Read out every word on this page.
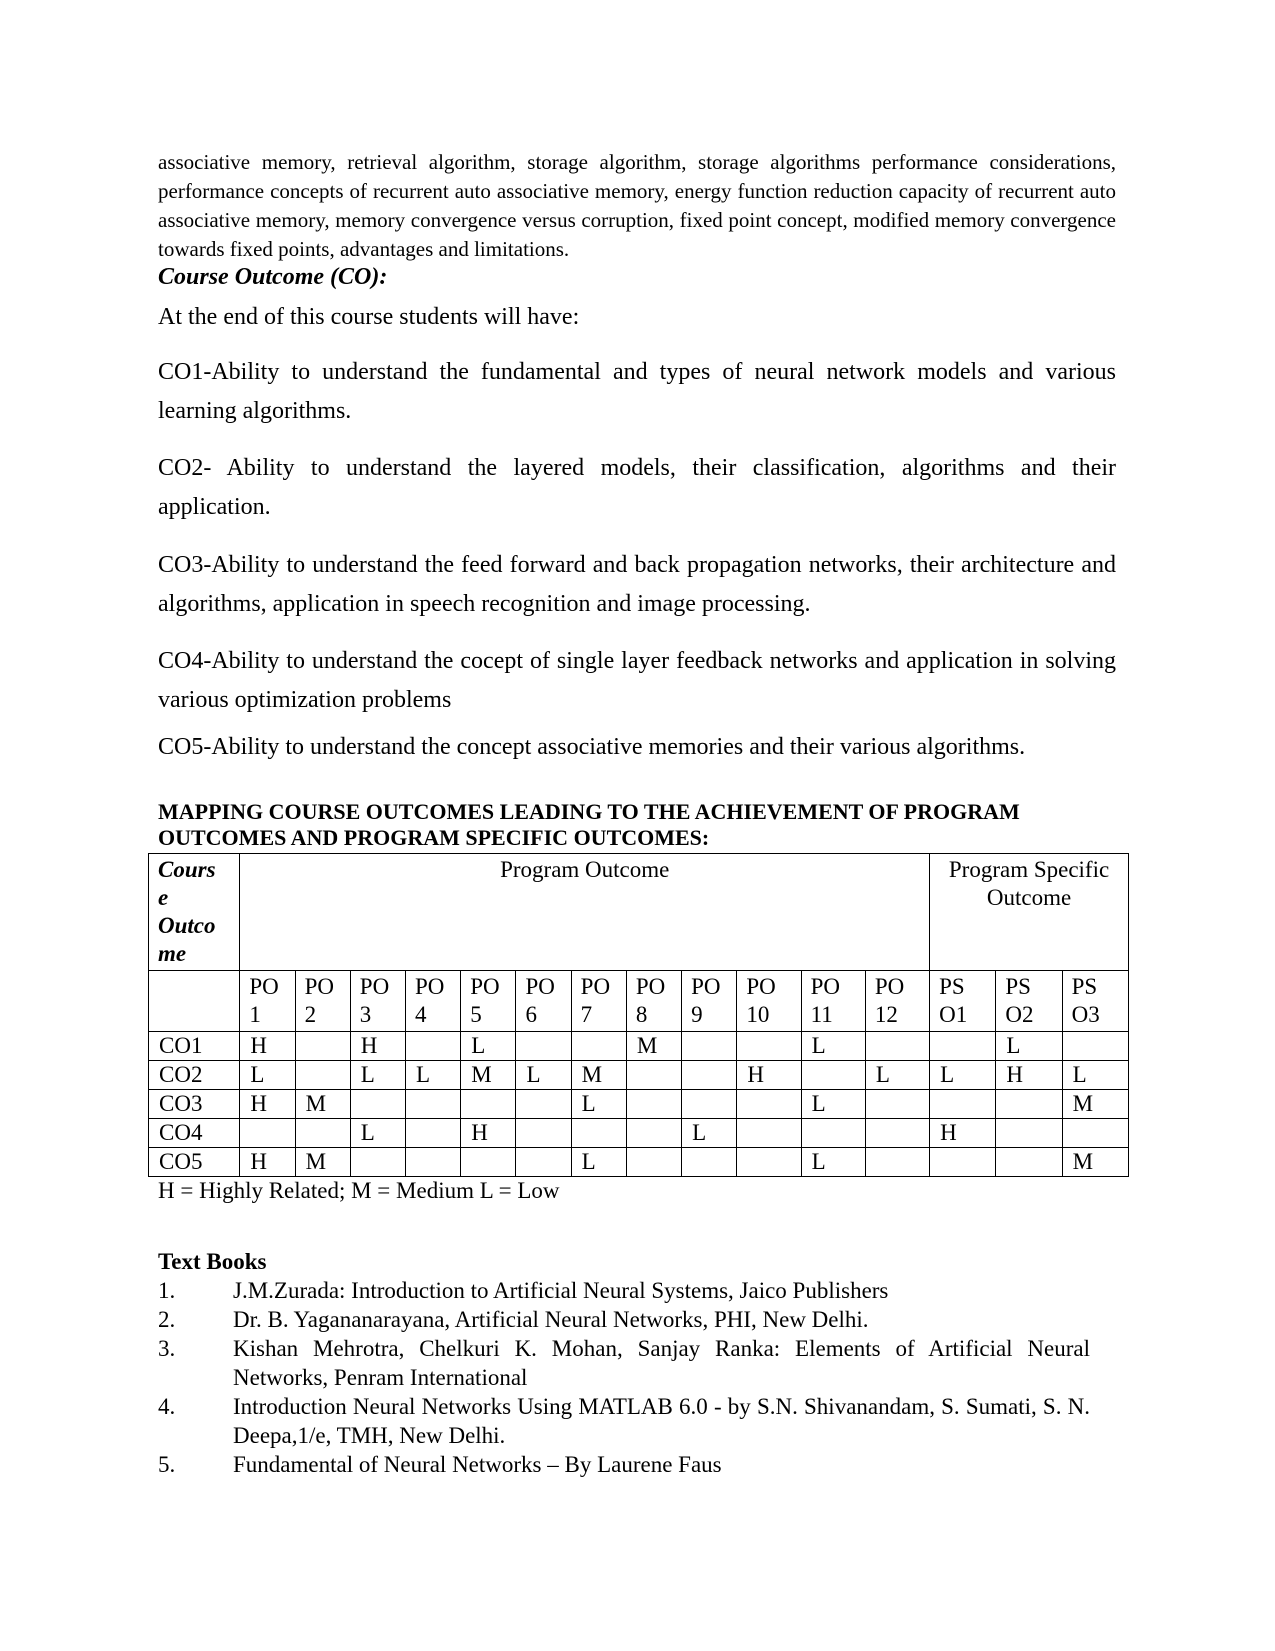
associative memory, retrieval algorithm, storage algorithm, storage algorithms performance considerations, performance concepts of recurrent auto associative memory, energy function reduction capacity of recurrent auto associative memory, memory convergence versus corruption, fixed point concept, modified memory convergence towards fixed points, advantages and limitations.

Course Outcome (CO):
At the end of this course students will have:

CO1-Ability to understand the fundamental and types of neural network models and various learning algorithms.

CO2- Ability to understand the layered models, their classification, algorithms and their application.

CO3-Ability to understand the feed forward and back propagation networks, their architecture and algorithms, application in speech recognition and image processing.

CO4-Ability to understand the cocept of single layer feedback networks and application in solving various optimization problems

CO5-Ability to understand the concept associative memories and their various algorithms.

MAPPING COURSE OUTCOMES LEADING TO THE ACHIEVEMENT OF PROGRAM OUTCOMES AND PROGRAM SPECIFIC OUTCOMES:

Cours e Outco me	Program Outcome												Program Specific Outcome		
	PO 1	PO 2	PO 3	PO 4	PO 5	PO 6	PO 7	PO 8	PO 9	PO 10	PO 11	PO 12	PS O1	PS O2	PS O3
CO1	H		H		L			M			L			L	
CO2	L		L	L	M	L	M			H		L	L	H	L
CO3	H	M					L				L				M
CO4			L		H				L				H		
CO5	H	M					L				L				M
H = Highly Related; M = Medium L = Low
Text Books
1.	J.M.Zurada: Introduction to Artificial Neural Systems, Jaico Publishers
2.	Dr. B. Yagananarayana, Artificial Neural Networks, PHI, New Delhi.
3.	Kishan Mehrotra, Chelkuri K. Mohan, Sanjay Ranka: Elements of Artificial Neural Networks, Penram International
4.	Introduction Neural Networks Using MATLAB 6.0 - by S.N. Shivanandam, S. Sumati, S. N. Deepa,1/e, TMH, New Delhi.
5.	Fundamental of Neural Networks – By Laurene Faus
